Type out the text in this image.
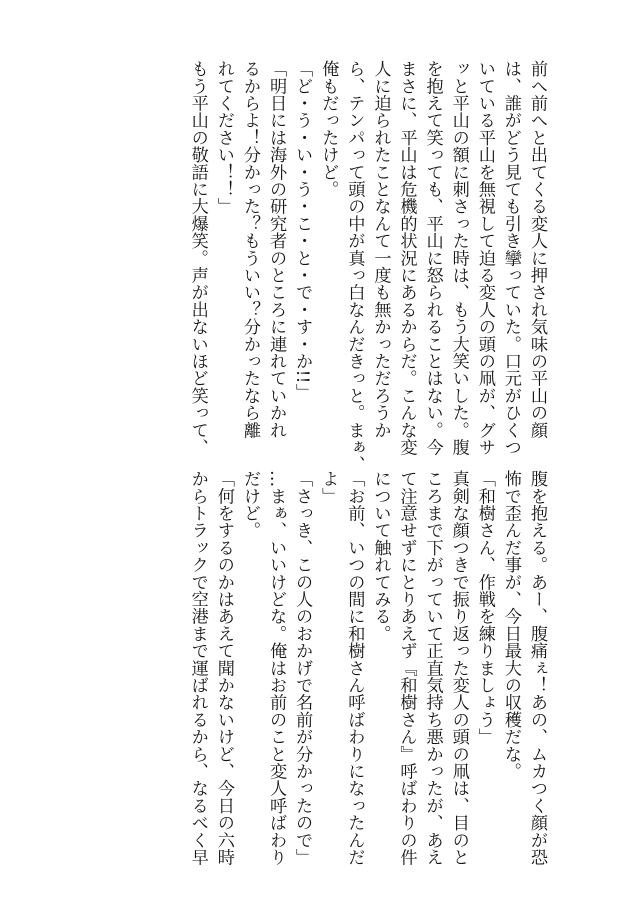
前へ前へと出てくる変人に押され気味の平山の顔
は、誰がどう見ても引き攣っていた。口元がひくつ
いている平山を無視して迫る変人の頭の凧が、グサ
ッと平山の額に刺さった時は、もう大笑いした。腹
を抱えて笑っても、平山に怒られることはない。今
まさに、平山は危機的状況にあるからだ。こんな変
人に迫られたことなんて一度も無かっただろうか
ら、テンパって頭の中が真っ白なんだきっと。まぁ、
俺もだったけど。
「ど・う・い・う・こ・と・で・す・か!!」
「明日には海外の研究者のところに連れていかれ
るからよ！分かった？もういい？分かったなら離
れてください！！」
もう平山の敬語に大爆笑。声が出ないほど笑って、
腹を抱える。あー、腹痛ぇ！あの、ムカつく顔が恐
怖で歪んだ事が、今日最大の収穫だな。
「和樹さん、作戦を練りましょう」
真剣な顔つきで振り返った変人の頭の凧は、目のと
ころまで下がっていて正直気持ち悪かったが、あえ
て注意せずにとりあえず『和樹さん』呼ばわりの件
について触れてみる。
「お前、いつの間に和樹さん呼ばわりになったんだ
よ」
「さっき、この人のおかげで名前が分かったので」
…まぁ、いいけどな。俺はお前のこと変人呼ばわり
だけど。
「何をするのかはあえて聞かないけど、今日の六時
からトラックで空港まで運ばれるから、なるべく早
